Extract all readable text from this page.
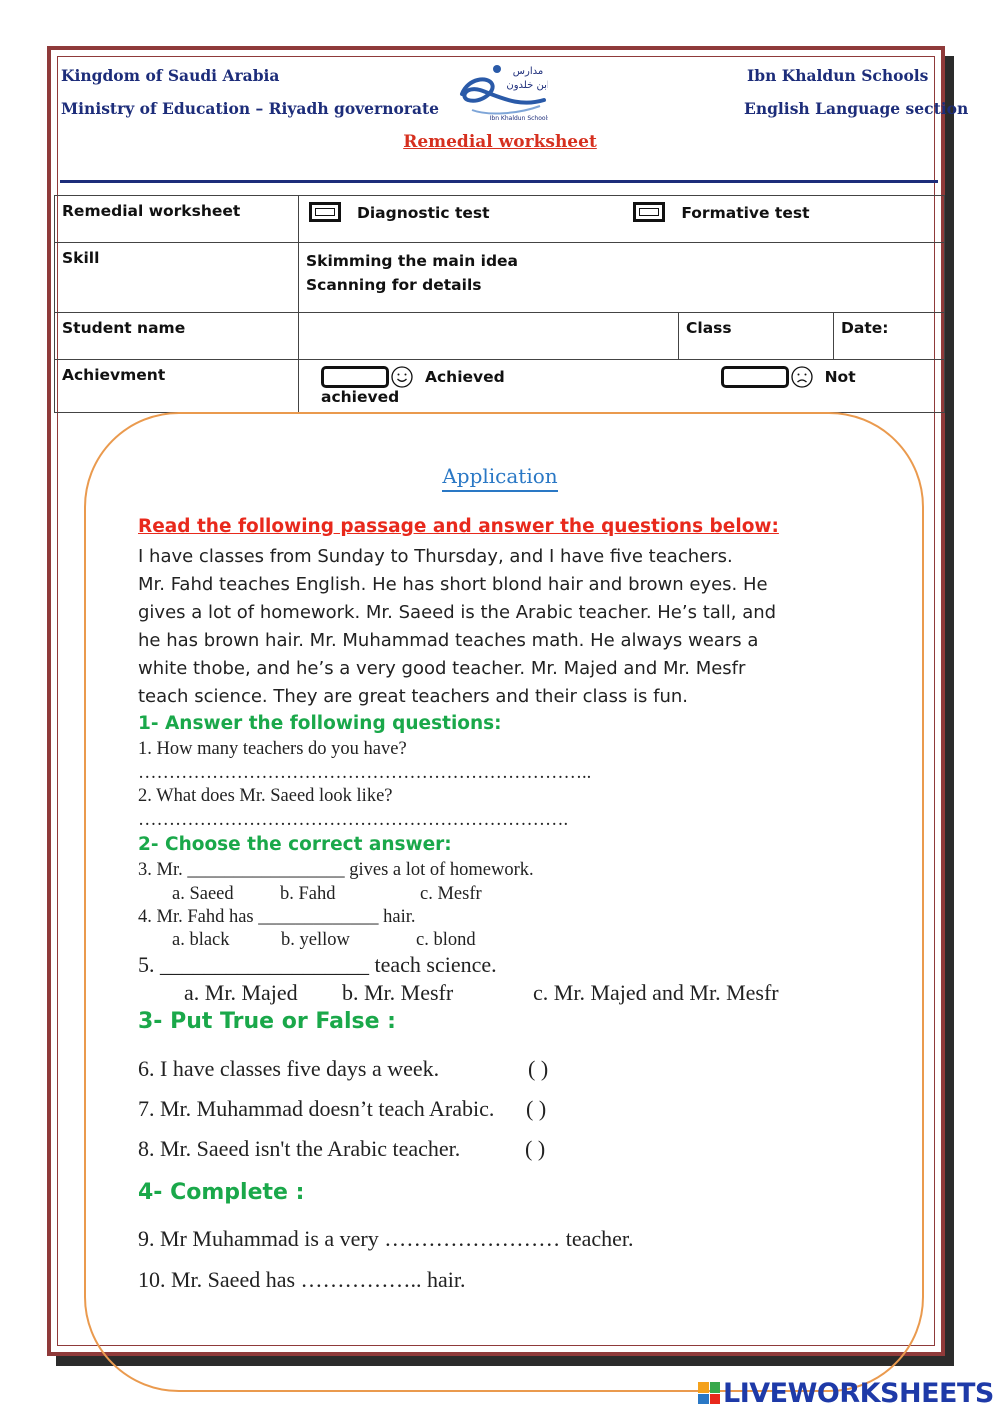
Kingdom of Saudi Arabia
Ministry of Education – Riyadh governorate
Ibn Khaldun Schools
English Language section
مدارس
ابن خلدون
Ibn Khaldun Schools
Remedial worksheet
Remedial worksheet	Diagnostic test Formative test		
Skill	Skimming the main idea
Scanning for details		

Student name		Class	Date:
Achievment	Achieved Not achieved		
Application
Read the following passage and answer the questions below:
I have classes from Sunday to Thursday, and I have five teachers.
Mr. Fahd teaches English. He has short blond hair and brown eyes. He
gives a lot of homework. Mr. Saeed is the Arabic teacher. He’s tall, and
he has brown hair. Mr. Muhammad teaches math. He always wears a
white thobe, and he’s a very good teacher. Mr. Majed and Mr. Mesfr
teach science. They are great teachers and their class is fun.
1- Answer the following questions:
1. How many teachers do you have?
………………………………………………………………..
2. What does Mr. Saeed look like?
…………………………………………………………….
2- Choose the correct answer:
3. Mr. _________________ gives a lot of homework.
a. Saeed	b. Fahd	c. Mesfr
4. Mr. Fahd has _____________ hair.
a. black	b. yellow	c. blond
5. ___________________ teach science.
a. Mr. Majed b. Mr. Mesfr	c. Mr. Majed and Mr. Mesfr
3- Put True or False :
6. I have classes five days a week.	( )
7. Mr. Muhammad doesn’t teach Arabic. ( )
8. Mr. Saeed isn't the Arabic teacher.	( )
4- Complete :
9. Mr Muhammad is a very …………………… teacher.
10. Mr. Saeed has …………….. hair.
LIVEWORKSHEETS
